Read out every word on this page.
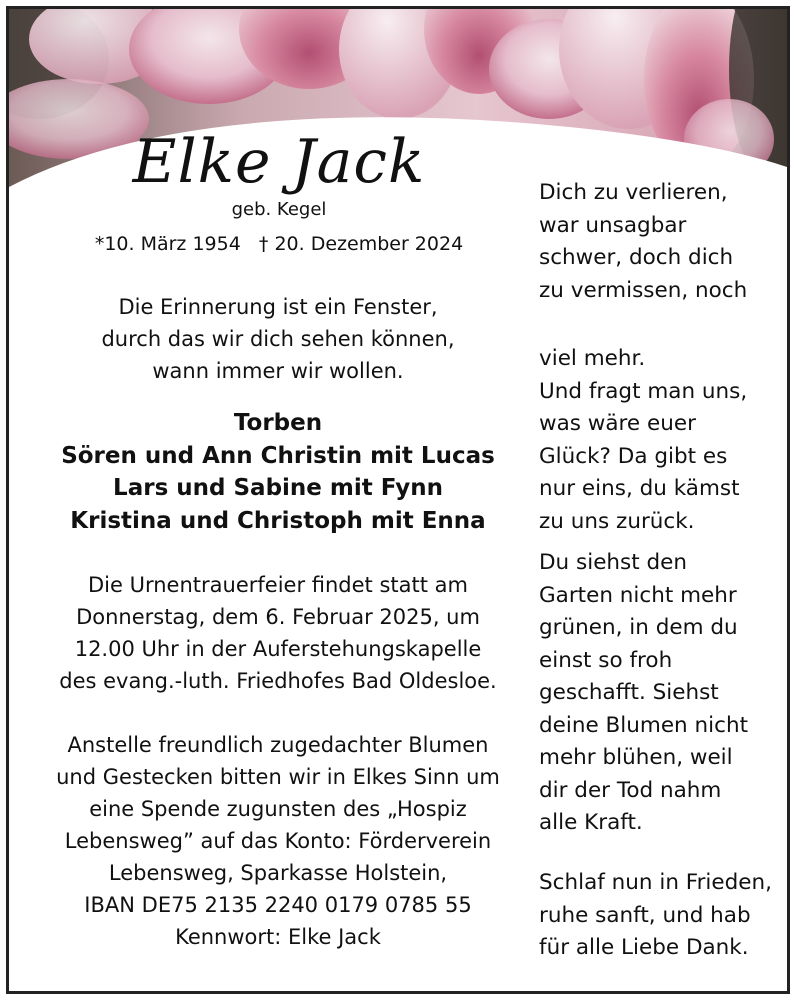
Elke Jack
geb. Kegel
*10. März 1954   † 20. Dezember 2024
Die Erinnerung ist ein Fenster,
durch das wir dich sehen können,
wann immer wir wollen.
Torben
Sören und Ann Christin mit Lucas
Lars und Sabine mit Fynn
Kristina und Christoph mit Enna
Die Urnentrauerfeier findet statt am
Donnerstag, dem 6. Februar 2025, um
12.00 Uhr in der Auferstehungskapelle
des evang.-luth. Friedhofes Bad Oldesloe.
Anstelle freundlich zugedachter Blumen
und Gestecken bitten wir in Elkes Sinn um
eine Spende zugunsten des „Hospiz
Lebensweg” auf das Konto: Förderverein
Lebensweg, Sparkasse Holstein,
IBAN DE75 2135 2240 0179 0785 55
Kennwort: Elke Jack
Dich zu verlieren,
war unsagbar
schwer, doch dich
zu vermissen, noch
viel mehr.
Und fragt man uns,
was wäre euer
Glück? Da gibt es
nur eins, du kämst
zu uns zurück.
Du siehst den
Garten nicht mehr
grünen, in dem du
einst so froh
geschafft. Siehst
deine Blumen nicht
mehr blühen, weil
dir der Tod nahm
alle Kraft.
Schlaf nun in Frieden,
ruhe sanft, und hab
für alle Liebe Dank.
